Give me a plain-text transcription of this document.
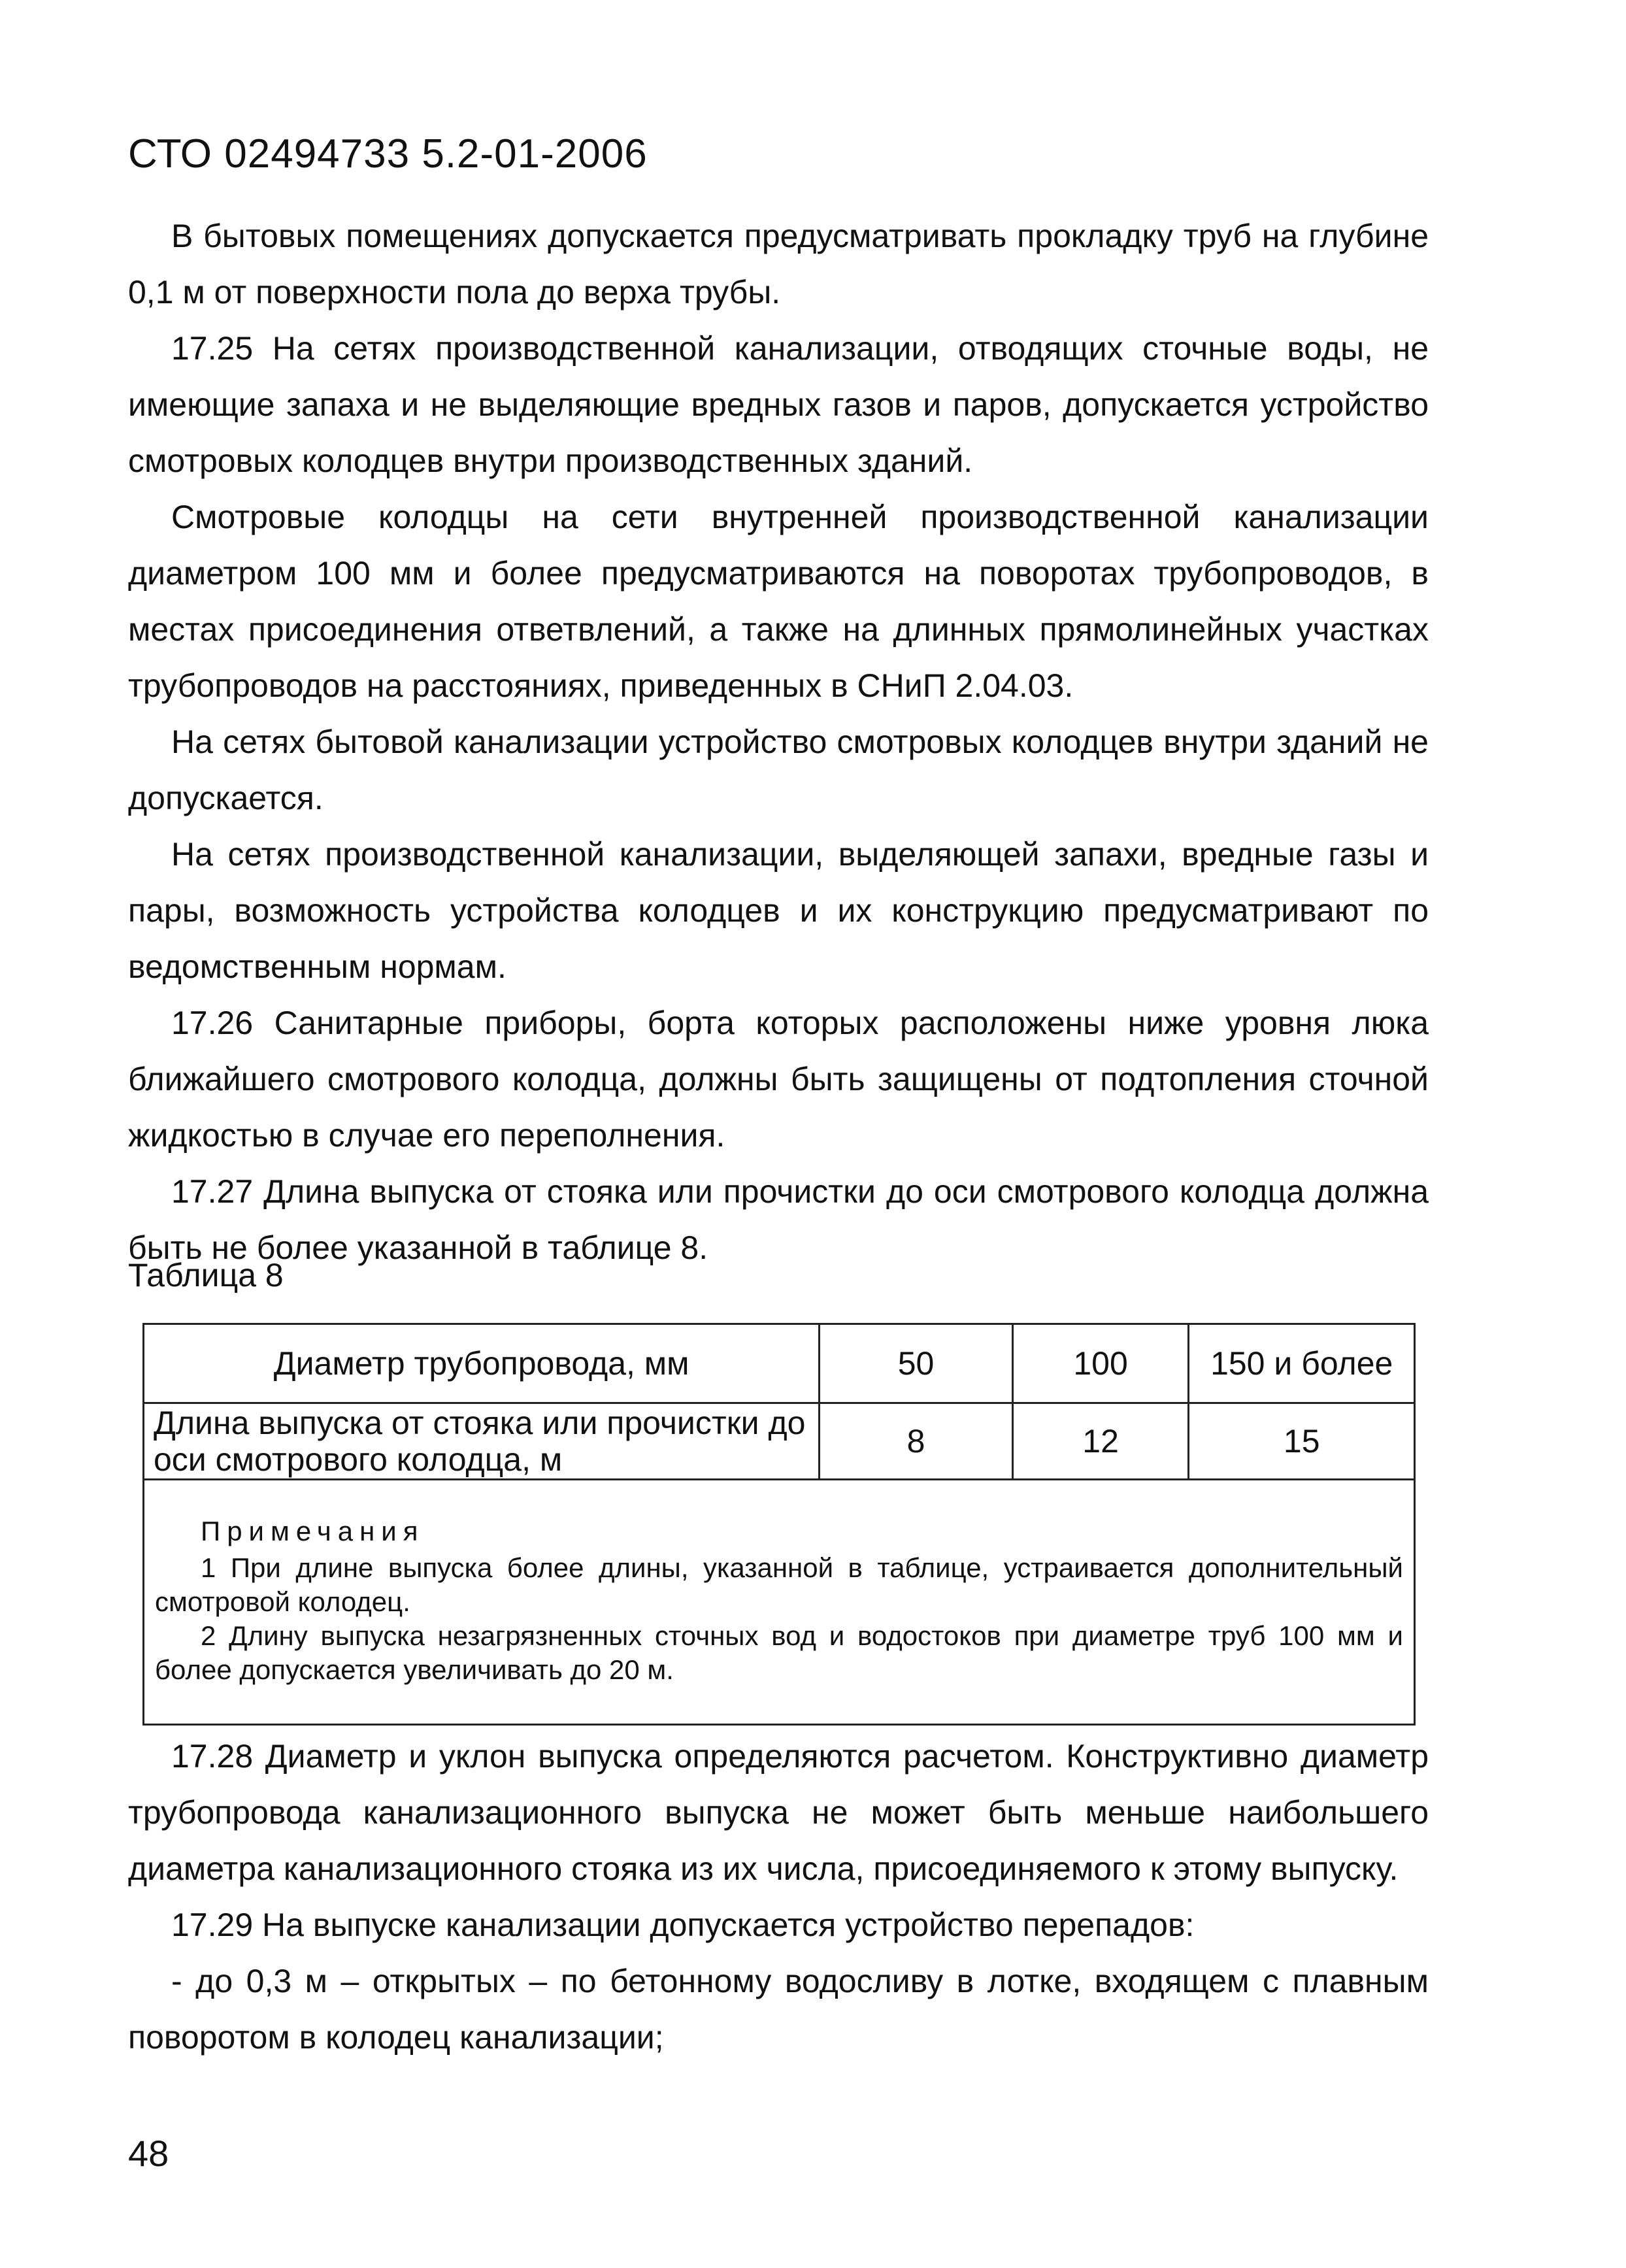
СТО 02494733 5.2-01-2006

В бытовых помещениях допускается предусматривать прокладку труб на глубине 0,1 м от поверхности пола до верха трубы.

17.25 На сетях производственной канализации, отводящих сточные воды, не имеющие запаха и не выделяющие вредных газов и паров, допускается устройство смотровых колодцев внутри производственных зданий.

Смотровые колодцы на сети внутренней производственной канализации диаметром 100 мм и более предусматриваются на поворотах трубопроводов, в местах присоединения ответвлений, а также на длинных прямолинейных участках трубопроводов на расстояниях, приведенных в СНиП 2.04.03.

На сетях бытовой канализации устройство смотровых колодцев внутри зданий не допускается.

На сетях производственной канализации, выделяющей запахи, вредные газы и пары, возможность устройства колодцев и их конструкцию предусматривают по ведомственным нормам.

17.26 Санитарные приборы, борта которых расположены ниже уровня люка ближайшего смотрового колодца, должны быть защищены от подтопления сточной жидкостью в случае его переполнения.

17.27 Длина выпуска от стояка или прочистки до оси смотрового колодца должна быть не более указанной в таблице 8.

Таблица 8
Диаметр трубопровода, мм	50	100	150 и более
Длина выпуска от стояка или прочистки до оси смотрового колодца, м	8	12	15

Примечания

1 При длине выпуска более длины, указанной в таблице, устраивается дополнительный смотровой колодец.

2 Длину выпуска незагрязненных сточных вод и водостоков при диаметре труб 100 мм и более допускается увеличивать до 20 м.			

17.28 Диаметр и уклон выпуска определяются расчетом. Конструктивно диаметр трубопровода канализационного выпуска не может быть меньше наибольшего диаметра канализационного стояка из их числа, присоединяемого к этому выпуску.

17.29 На выпуске канализации допускается устройство перепадов:

- до 0,3 м – открытых – по бетонному водосливу в лотке, входящем с плавным поворотом в колодец канализации;

48
